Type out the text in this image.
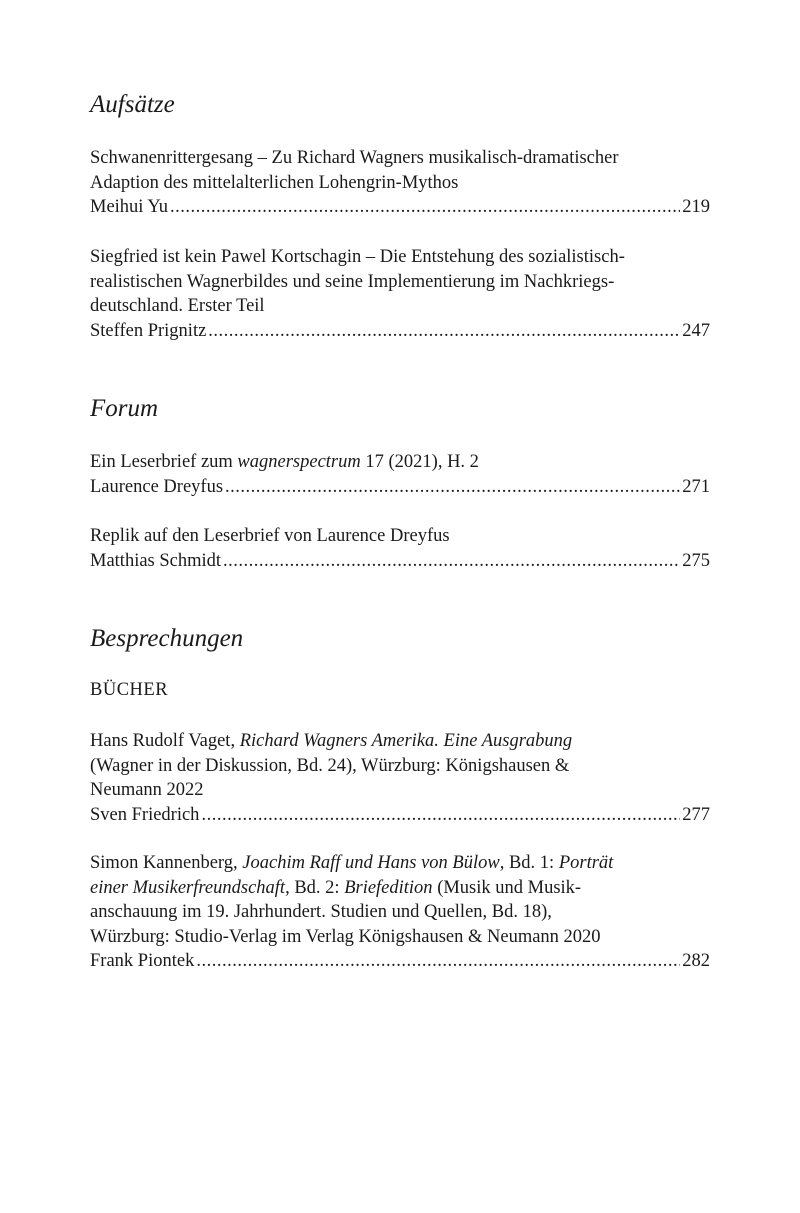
Aufsätze
Schwanenrittergesang – Zu Richard Wagners musikalisch-dramatischer
Adaption des mittelalterlichen Lohengrin-Mythos
Meihui Yu .....	219
Siegfried ist kein Pawel Kortschagin – Die Entstehung des sozialistisch-
realistischen Wagnerbildes und seine Implementierung im Nachkriegs-
deutschland. Erster Teil
Steffen Prignitz .....	247
Forum
Ein Leserbrief zum wagnerspectrum 17 (2021), H. 2
Laurence Dreyfus .....	271
Replik auf den Leserbrief von Laurence Dreyfus
Matthias Schmidt .....	275
Besprechungen
BÜCHER
Hans Rudolf Vaget, Richard Wagners Amerika. Eine Ausgrabung
(Wagner in der Diskussion, Bd. 24), Würzburg: Königshausen &
Neumann 2022
Sven Friedrich .....	277
Simon Kannenberg, Joachim Raff und Hans von Bülow, Bd. 1: Porträt
einer Musikerfreundschaft, Bd. 2: Briefedition (Musik und Musik-
anschauung im 19. Jahrhundert. Studien und Quellen, Bd. 18),
Würzburg: Studio-Verlag im Verlag Königshausen & Neumann 2020
Frank Piontek .....	282
